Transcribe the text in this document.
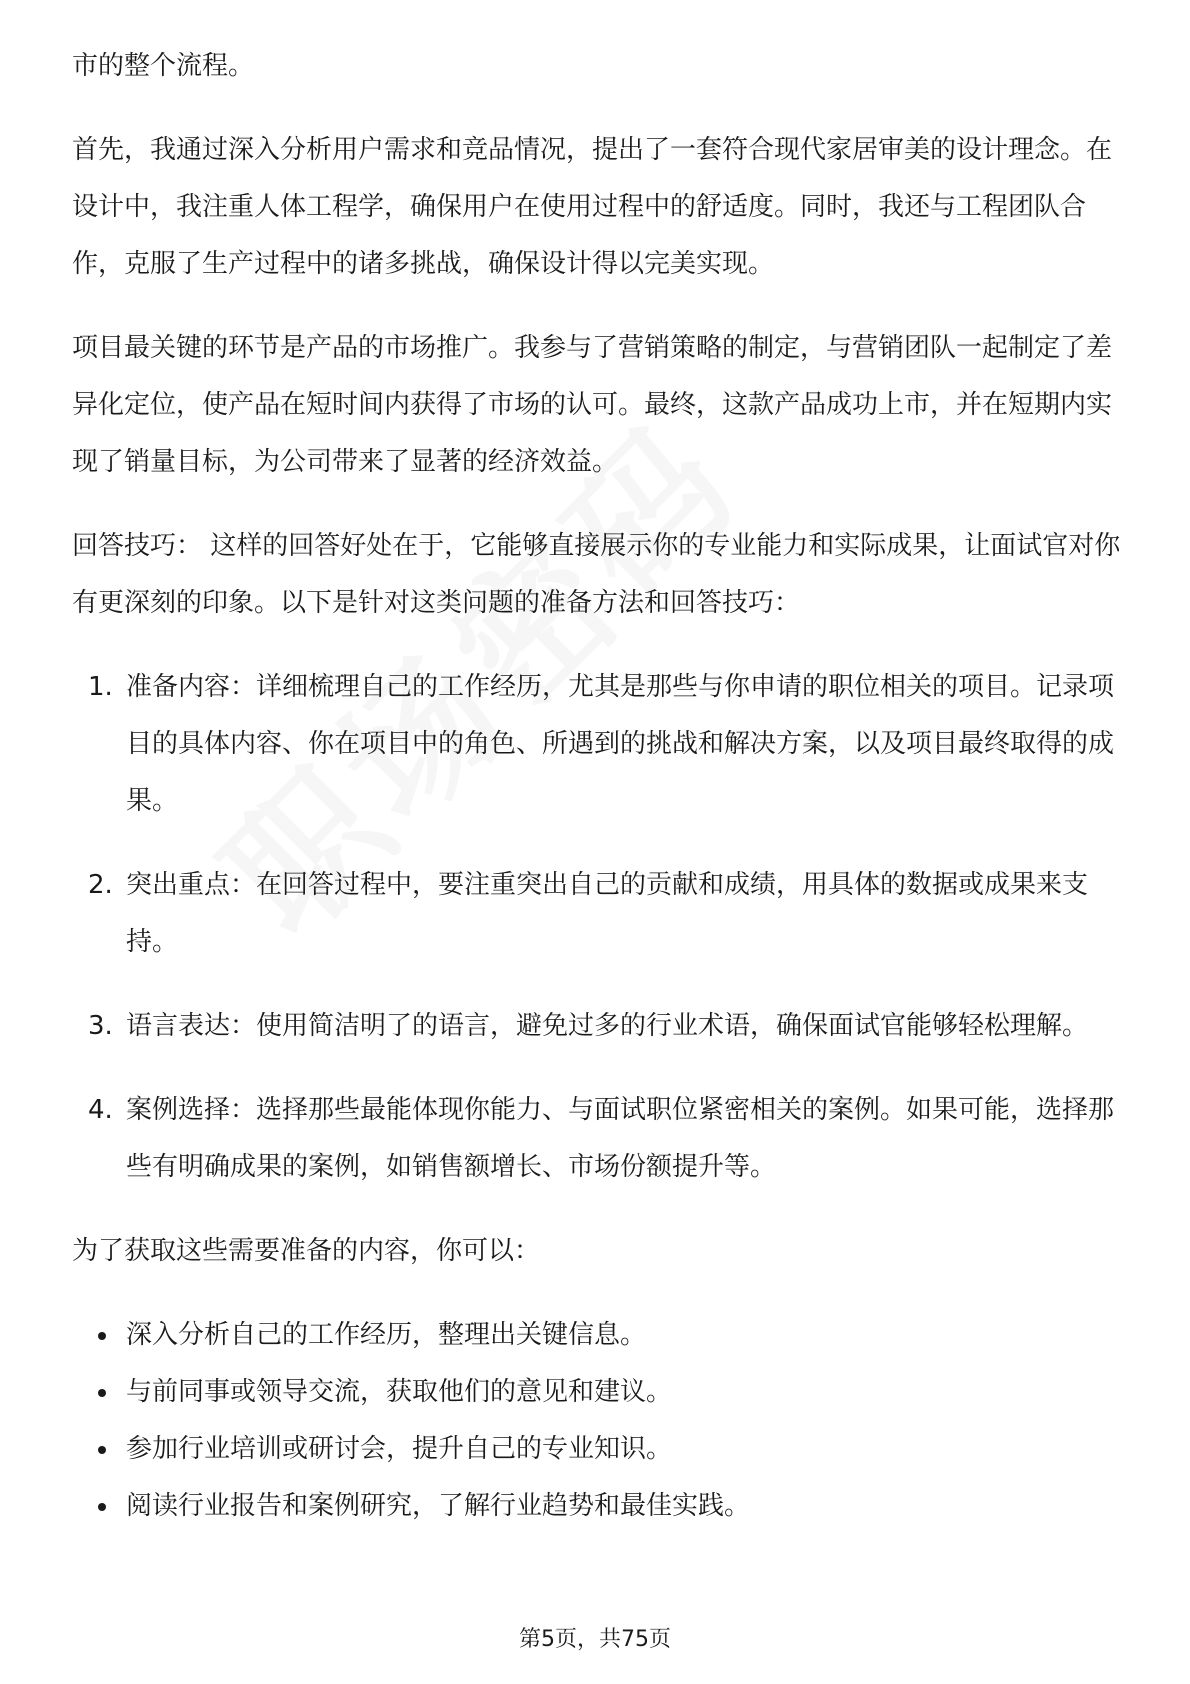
市的整个流程。

首先，我通过深入分析用户需求和竞品情况，提出了一套符合现代家居审美的设计理念。在设计中，我注重人体工程学，确保用户在使用过程中的舒适度。同时，我还与工程团队合作，克服了生产过程中的诸多挑战，确保设计得以完美实现。

项目最关键的环节是产品的市场推广。我参与了营销策略的制定，与营销团队一起制定了差异化定位，使产品在短时间内获得了市场的认可。最终，这款产品成功上市，并在短期内实现了销量目标，为公司带来了显著的经济效益。

回答技巧： 这样的回答好处在于，它能够直接展示你的专业能力和实际成果，让面试官对你有更深刻的印象。以下是针对这类问题的准备方法和回答技巧：

1. 准备内容：详细梳理自己的工作经历，尤其是那些与你申请的职位相关的项目。记录项目的具体内容、你在项目中的角色、所遇到的挑战和解决方案，以及项目最终取得的成果。
2. 突出重点：在回答过程中，要注重突出自己的贡献和成绩，用具体的数据或成果来支持。
3. 语言表达：使用简洁明了的语言，避免过多的行业术语，确保面试官能够轻松理解。
4. 案例选择：选择那些最能体现你能力、与面试职位紧密相关的案例。如果可能，选择那些有明确成果的案例，如销售额增长、市场份额提升等。

为了获取这些需要准备的内容，你可以：

深入分析自己的工作经历，整理出关键信息。
与前同事或领导交流，获取他们的意见和建议。
参加行业培训或研讨会，提升自己的专业知识。
阅读行业报告和案例研究，了解行业趋势和最佳实践。
第5页，共75页
